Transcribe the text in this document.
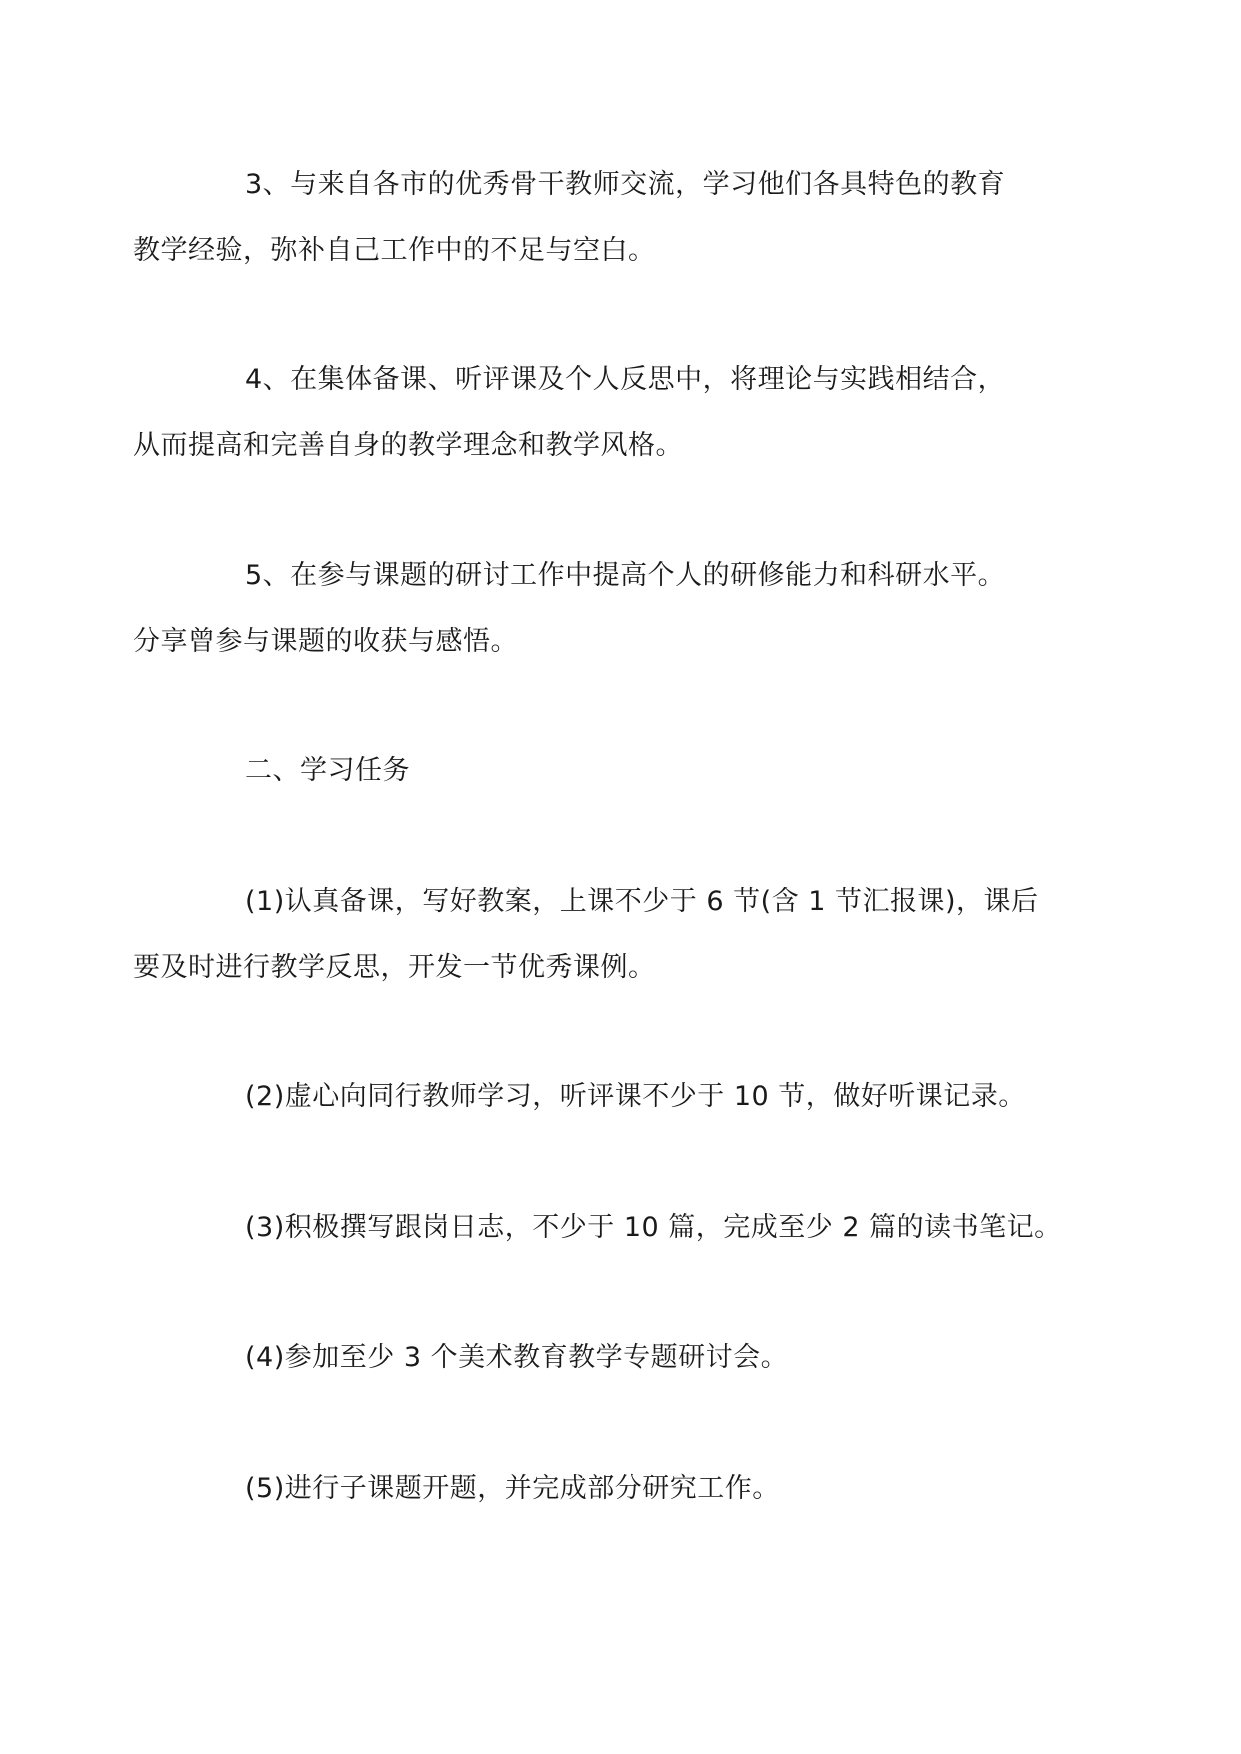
3、与来自各市的优秀骨干教师交流，学习他们各具特色的教育
教学经验，弥补自己工作中的不足与空白。

4、在集体备课、听评课及个人反思中，将理论与实践相结合，
从而提高和完善自身的教学理念和教学风格。

5、在参与课题的研讨工作中提高个人的研修能力和科研水平。
分享曾参与课题的收获与感悟。

二、学习任务

(1)认真备课，写好教案，上课不少于 6 节(含 1 节汇报课)，课后
要及时进行教学反思，开发一节优秀课例。

(2)虚心向同行教师学习，听评课不少于 10 节，做好听课记录。

(3)积极撰写跟岗日志，不少于 10 篇，完成至少 2 篇的读书笔记。

(4)参加至少 3 个美术教育教学专题研讨会。

(5)进行子课题开题，并完成部分研究工作。
